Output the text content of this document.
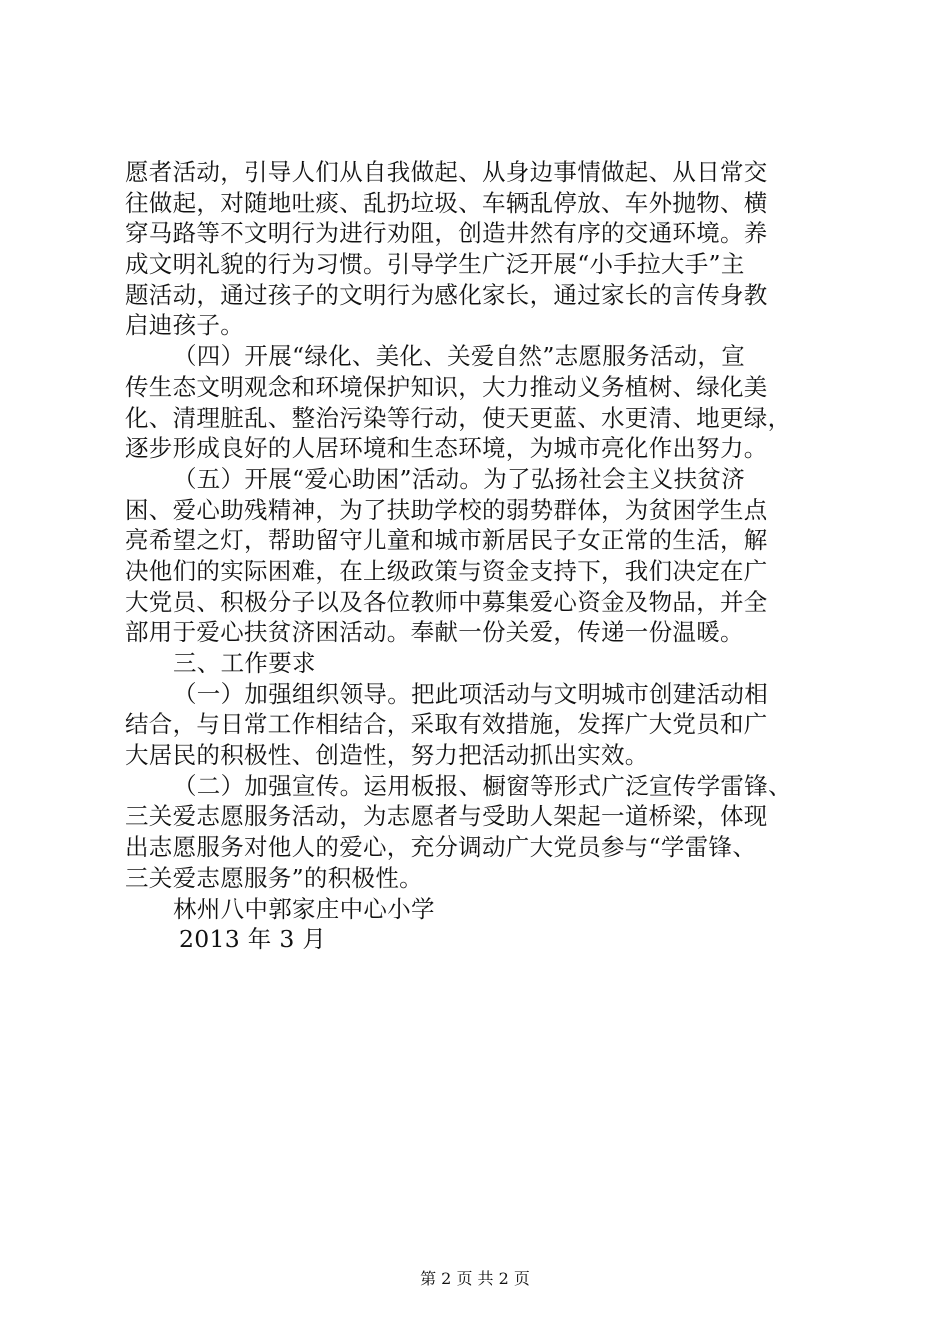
愿者活动，引导人们从自我做起、从身边事情做起、从日常交
往做起，对随地吐痰、乱扔垃圾、车辆乱停放、车外抛物、横
穿马路等不文明行为进行劝阻，创造井然有序的交通环境。养
成文明礼貌的行为习惯。引导学生广泛开展“小手拉大手”主
题活动，通过孩子的文明行为感化家长，通过家长的言传身教
启迪孩子。
（四）开展“绿化、美化、关爱自然”志愿服务活动，宣
传生态文明观念和环境保护知识，大力推动义务植树、绿化美
化、清理脏乱、整治污染等行动，使天更蓝、水更清、地更绿，
逐步形成良好的人居环境和生态环境，为城市亮化作出努力。
（五）开展“爱心助困”活动。为了弘扬社会主义扶贫济
困、爱心助残精神，为了扶助学校的弱势群体，为贫困学生点
亮希望之灯，帮助留守儿童和城市新居民子女正常的生活，解
决他们的实际困难，在上级政策与资金支持下，我们决定在广
大党员、积极分子以及各位教师中募集爱心资金及物品，并全
部用于爱心扶贫济困活动。奉献一份关爱，传递一份温暖。
三、工作要求
（一）加强组织领导。把此项活动与文明城市创建活动相
结合，与日常工作相结合，采取有效措施，发挥广大党员和广
大居民的积极性、创造性，努力把活动抓出实效。
（二）加强宣传。运用板报、橱窗等形式广泛宣传学雷锋、
三关爱志愿服务活动，为志愿者与受助人架起一道桥梁，体现
出志愿服务对他人的爱心，充分调动广大党员参与“学雷锋、
三关爱志愿服务”的积极性。
林州八中郭家庄中心小学
2013 年 3 月
第 2 页 共 2 页
